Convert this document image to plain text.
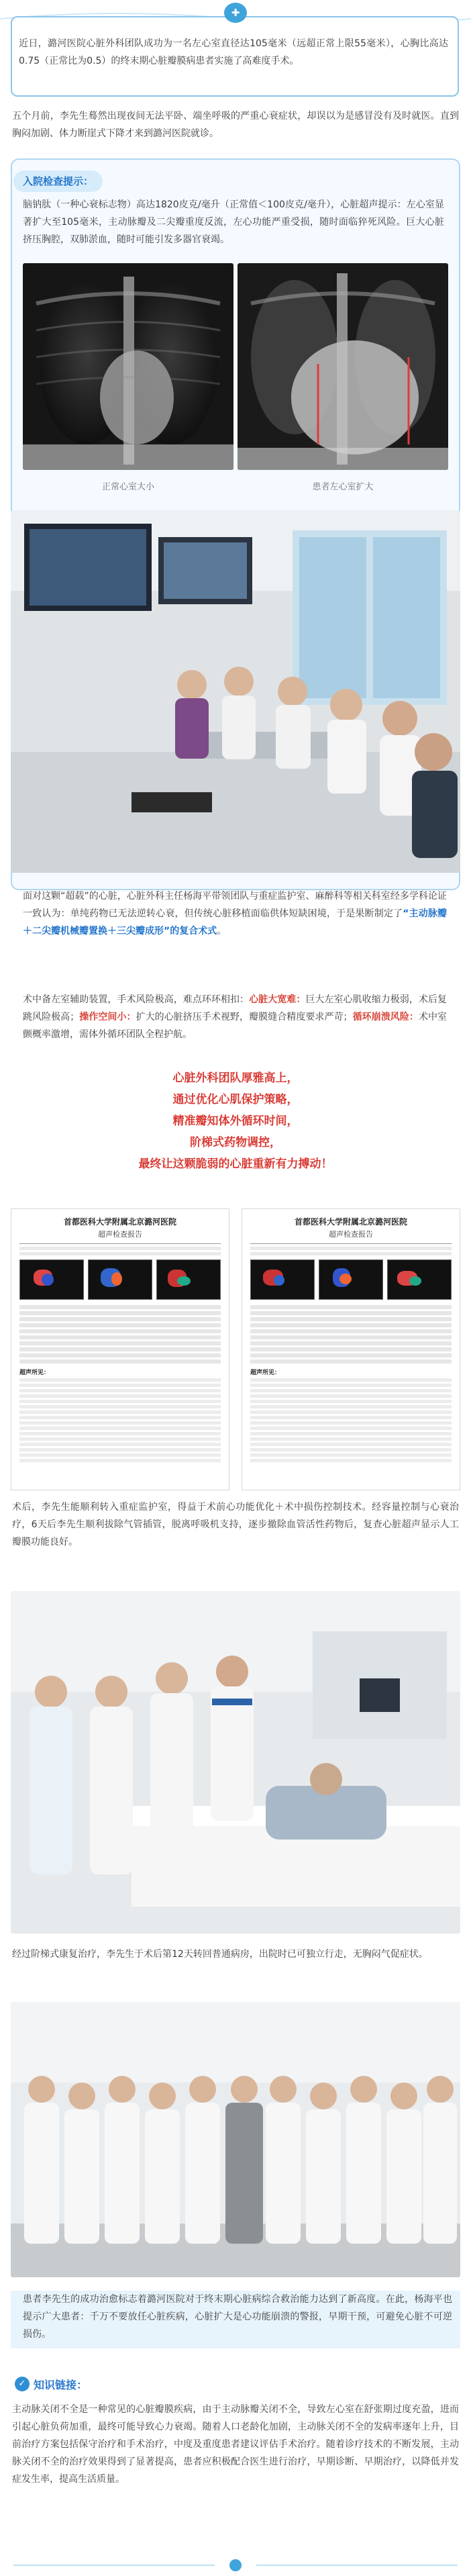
✚
近日，潞河医院心脏外科团队成功为一名左心室直径达105毫米（远超正常上限55毫米），心胸比高达0.75（正常比为0.5）的终末期心脏瓣膜病患者实施了高难度手术。
五个月前，李先生蓦然出现夜间无法平卧、端坐呼吸的严重心衰症状，却误以为是感冒没有及时就医。直到胸闷加剧、体力断崖式下降才来到潞河医院就诊。
入院检查提示：
脑钠肽（一种心衰标志物）高达1820皮克/毫升（正常值＜100皮克/毫升），心脏超声提示：左心室显著扩大至105毫米，主动脉瓣及二尖瓣重度反流，左心功能严重受损，随时面临猝死风险。巨大心脏挤压胸腔，双肺淤血，随时可能引发多器官衰竭。
正常心室大小	患者左心室扩大
面对这颗“超载”的心脏，心脏外科主任杨海平带领团队与重症监护室、麻醉科等相关科室经多学科论证一致认为：单纯药物已无法逆转心衰，但传统心脏移植面临供体短缺困境，于是果断制定了“主动脉瓣＋二尖瓣机械瓣置换＋三尖瓣成形”的复合术式。
术中备左室辅助装置，手术风险极高，难点环环相扣：心脏大宽难：巨大左室心肌收缩力极弱，术后复跳风险极高；操作空间小：扩大的心脏挤压手术视野，瓣膜缝合精度要求严苛；循环崩溃风险：术中室颤概率激增，需体外循环团队全程护航。
心脏外科团队厚雅高上，
通过优化心肌保护策略，
精准瓣知体外循环时间，
阶梯式药物调控，
最终让这颗脆弱的心脏重新有力搏动！
首都医科大学附属北京潞河医院
超声检查报告
超声所见：
首都医科大学附属北京潞河医院
超声检查报告
超声所见：
术后，李先生能顺利转入重症监护室，得益于术前心功能优化＋术中损伤控制技术。经容量控制与心衰治疗，6天后李先生顺利拔除气管插管，脱离呼吸机支持，逐步撤除血管活性药物后，复查心脏超声显示人工瓣膜功能良好。
经过阶梯式康复治疗，李先生于术后第12天转回普通病房，出院时已可独立行走，无胸闷气促症状。
患者李先生的成功治愈标志着潞河医院对于终末期心脏病综合救治能力达到了新高度。在此，杨海平也提示广大患者：千万不要放任心脏疾病，心脏扩大是心功能崩溃的警报，早期干预，可避免心脏不可逆损伤。
✓ 知识链接：
主动脉关闭不全是一种常见的心脏瓣膜疾病，由于主动脉瓣关闭不全，导致左心室在舒张期过度充盈，进而引起心脏负荷加重，最终可能导致心力衰竭。随着人口老龄化加剧，主动脉关闭不全的发病率逐年上升，目前治疗方案包括保守治疗和手术治疗，中度及重度患者建议评估手术治疗。随着诊疗技术的不断发展，主动脉关闭不全的治疗效果得到了显著提高，患者应积极配合医生进行治疗，早期诊断、早期治疗，以降低并发症发生率，提高生活质量。
